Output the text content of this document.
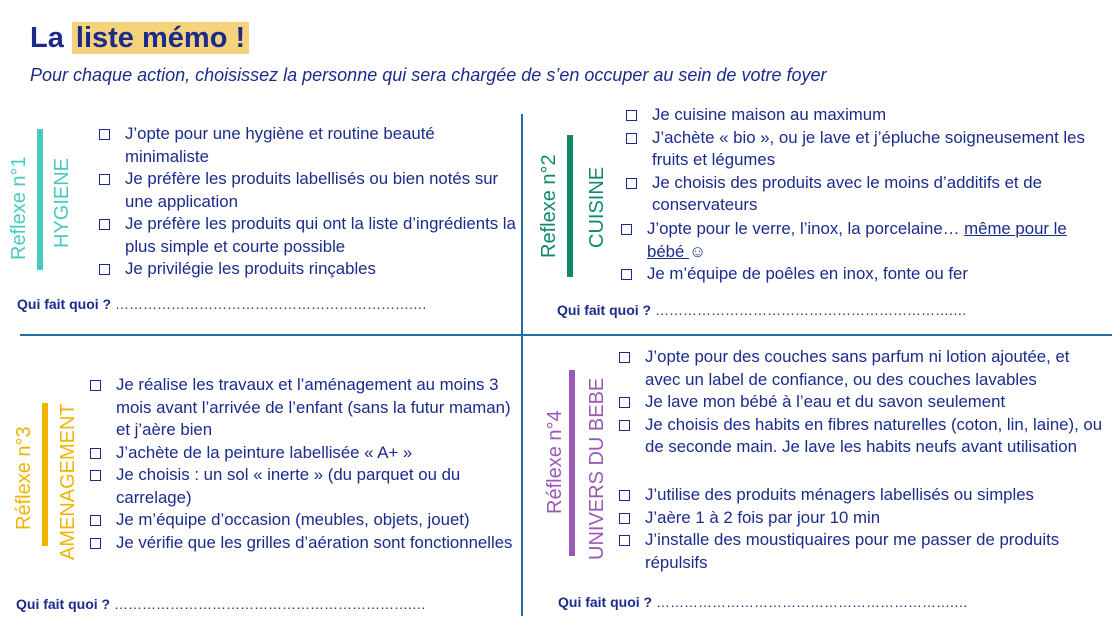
La liste mémo !
Pour chaque action, choisissez la personne qui sera chargée de s’en occuper au sein de votre foyer
Reflexe n°1 HYGIENE
J’opte pour une hygiène et routine beauté minimaliste
Je préfère les produits labellisés ou bien notés sur une application
Je préfère les produits qui ont la liste d’ingrédients la plus simple et courte possible
Je privilégie les produits rinçables
Qui fait quoi ? ……………………………………………………….…
Reflexe n°2 CUISINE
Je cuisine maison au maximum
J’achète « bio », ou je lave et j’épluche soigneusement les fruits et légumes
Je choisis des produits avec le moins d’additifs et de conservateurs
J’opte pour le verre, l’inox, la porcelaine… même pour le bébé ☺
Je m’équipe de poêles en inox, fonte ou fer
Qui fait quoi ? ……………………………………………………….…
Réflexe n°3 AMENAGEMENT
Je réalise les travaux et l’aménagement au moins 3 mois avant l’arrivée de l’enfant (sans la futur maman) et j’aère bien
J’achète de la peinture labellisée « A+ »
Je choisis : un sol « inerte » (du parquet ou du carrelage)
Je m’équipe d’occasion (meubles, objets, jouet)
Je vérifie que les grilles d’aération sont fonctionnelles
Qui fait quoi ? ……………………………………………………….…
Réflexe n°4 UNIVERS DU BEBE
J’opte pour des couches sans parfum ni lotion ajoutée, et avec un label de confiance, ou des couches lavables
Je lave mon bébé à l’eau et du savon seulement
Je choisis des habits en fibres naturelles (coton, lin, laine), ou de seconde main. Je lave les habits neufs avant utilisation
J’utilise des produits ménagers labellisés ou simples
J’aère 1 à 2 fois par jour 10 min
J’installe des moustiquaires pour me passer de produits répulsifs
Qui fait quoi ? ……………………………………………………….…
